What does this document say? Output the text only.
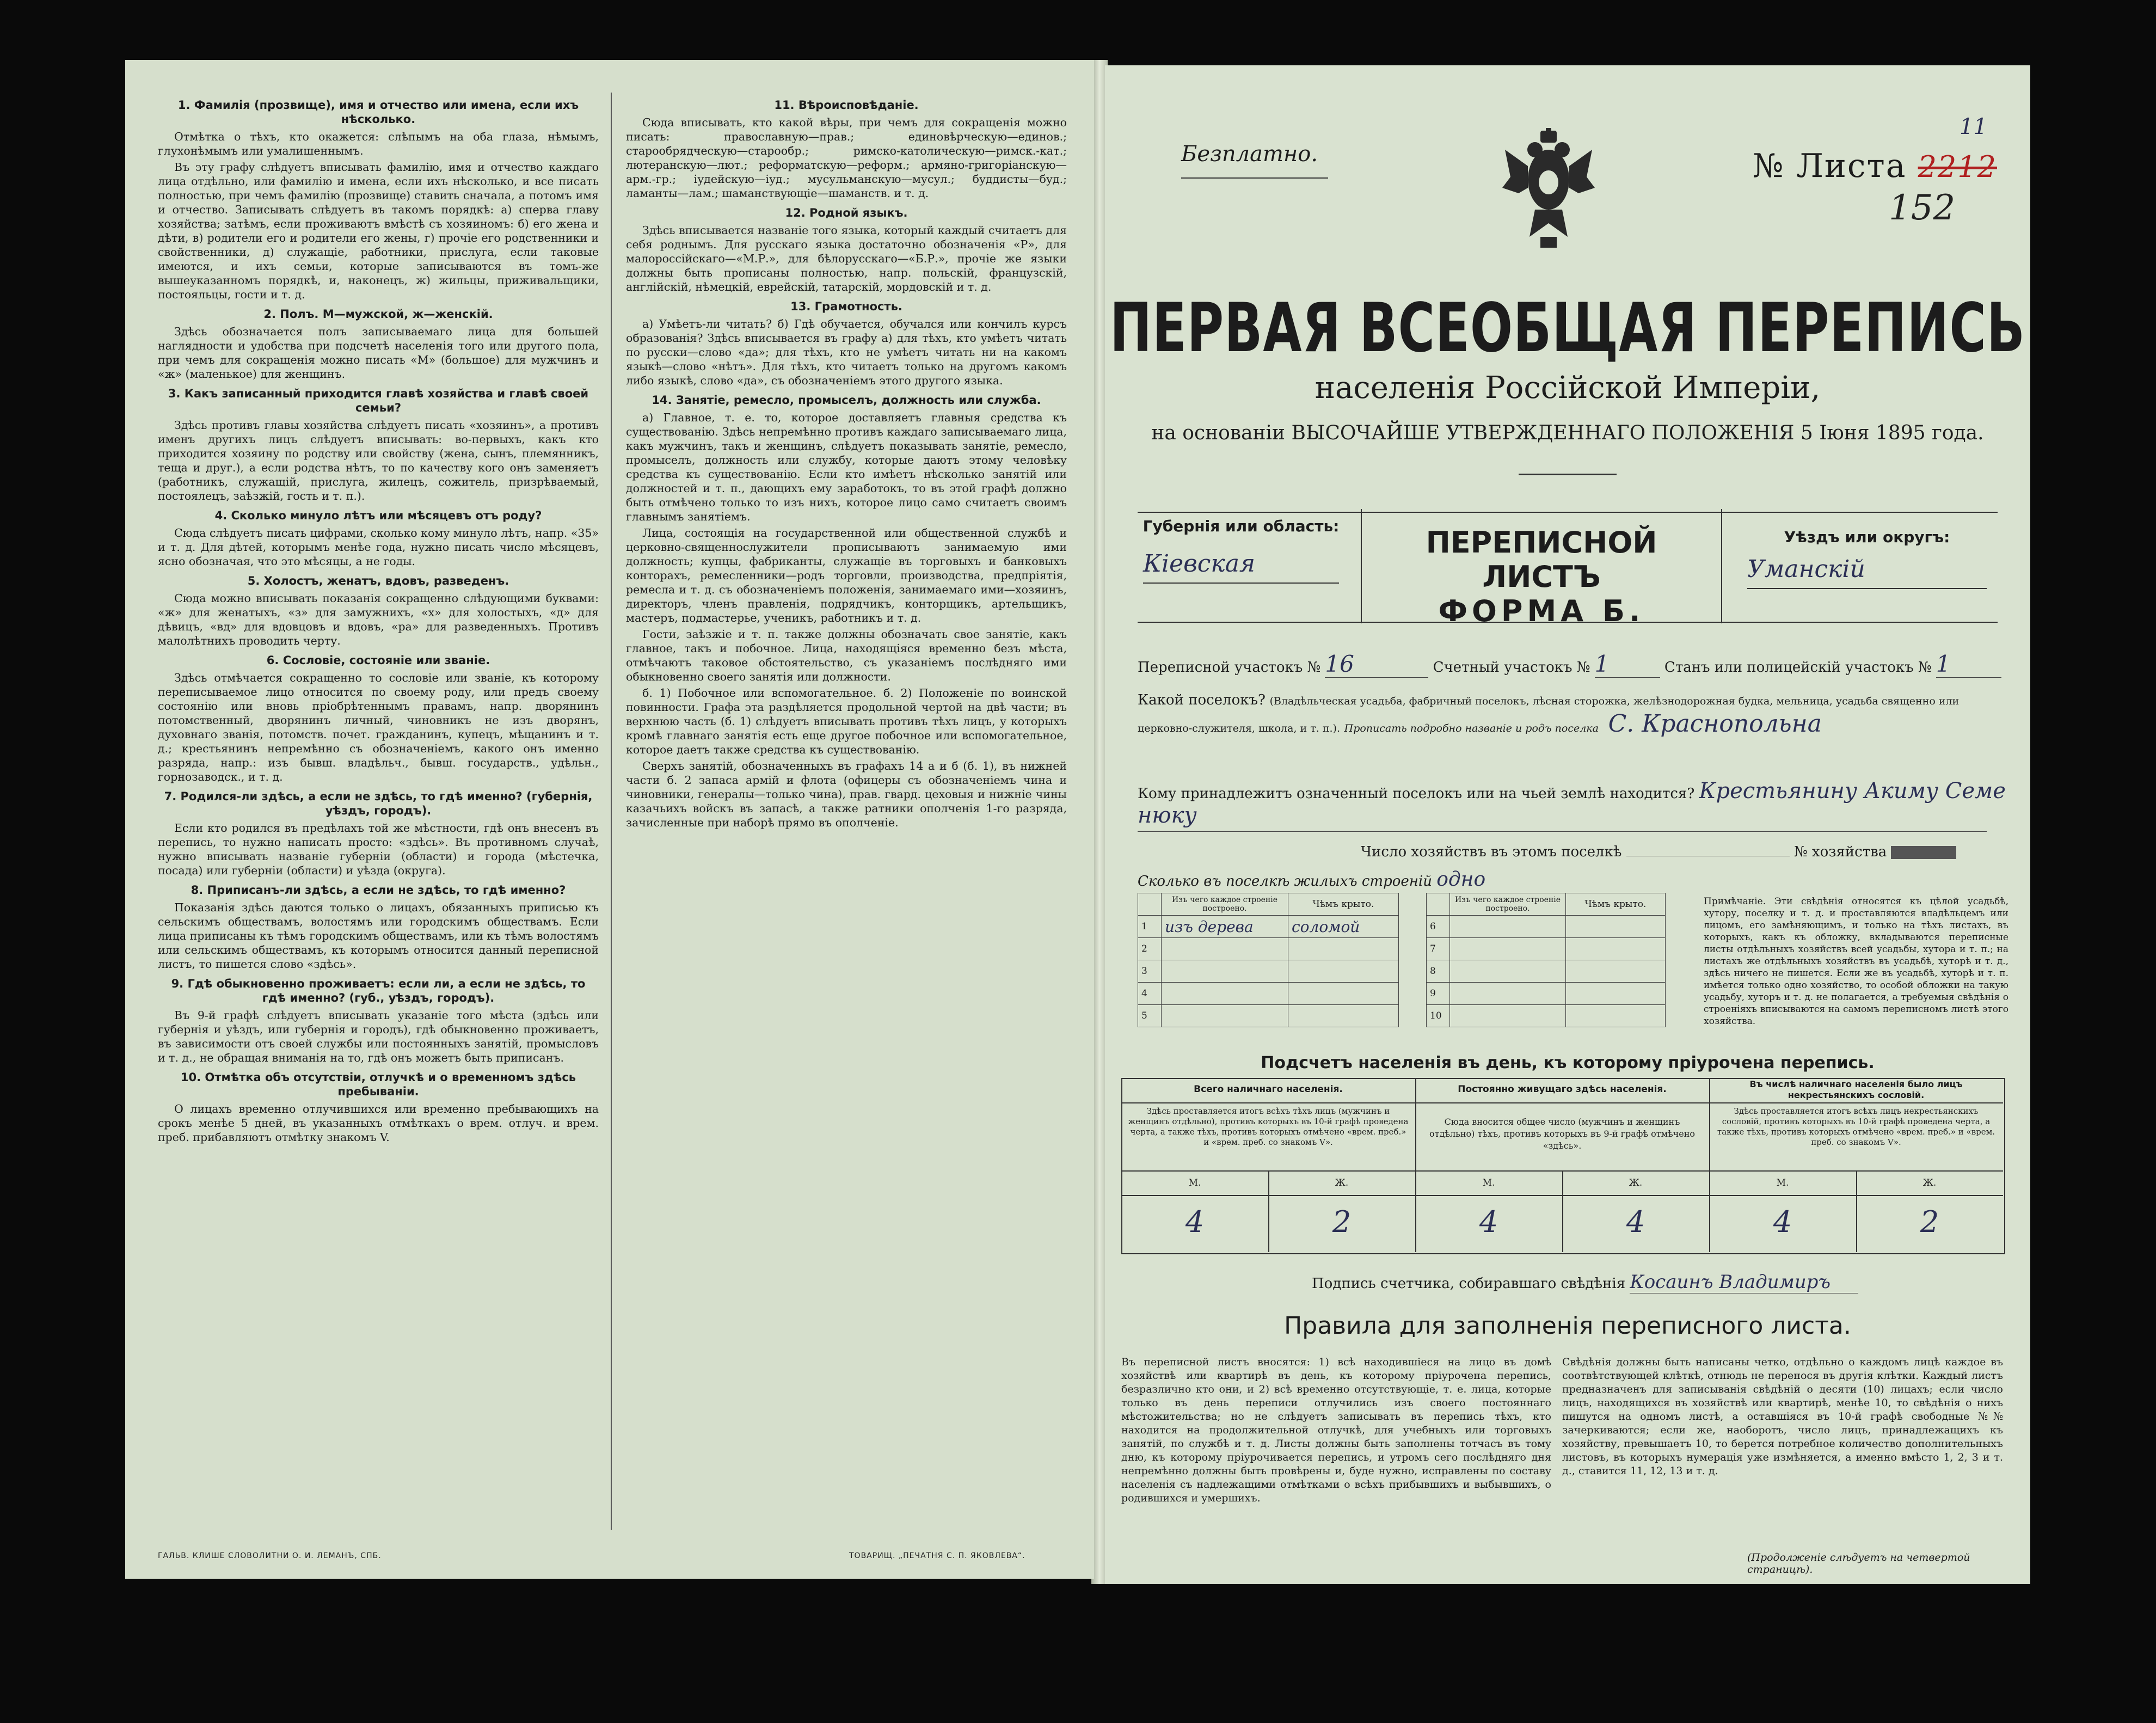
1. Фамилія (прозвище), имя и отчество или имена, если ихъ нѣсколько.

Отмѣтка о тѣхъ, кто окажется: слѣпымъ на оба глаза, нѣмымъ, глухонѣмымъ или умалишеннымъ.

Въ эту графу слѣдуетъ вписывать фамилію, имя и отчество каждаго лица отдѣльно, или фамилію и имена, если ихъ нѣсколько, и все писать полностью, при чемъ фамилію (прозвище) ставить сначала, а потомъ имя и отчество. Записывать слѣдуетъ въ такомъ порядкѣ: а) сперва главу хозяйства; затѣмъ, если проживаютъ вмѣстѣ съ хозяиномъ: б) его жена и дѣти, в) родители его и родители его жены, г) прочіе его родственники и свойственники, д) служащіе, работники, прислуга, если таковые имеются, и ихъ семьи, которые записываются въ томъ-же вышеуказанномъ порядкѣ, и, наконецъ, ж) жильцы, приживальщики, постояльцы, гости и т. д.

2. Полъ. М—мужской, ж—женскій.

Здѣсь обозначается полъ записываемаго лица для большей наглядности и удобства при подсчетѣ населенія того или другого пола, при чемъ для сокращенія можно писать «М» (большое) для мужчинъ и «ж» (маленькое) для женщинъ.

3. Какъ записанный приходится главѣ хозяйства и главѣ своей семьи?

Здѣсь противъ главы хозяйства слѣдуетъ писать «хозяинъ», а противъ именъ другихъ лицъ слѣдуетъ вписывать: во-первыхъ, какъ кто приходится хозяину по родству или свойству (жена, сынъ, племянникъ, теща и друг.), а если родства нѣтъ, то по качеству кого онъ заменяетъ (работникъ, служащій, прислуга, жилецъ, сожитель, призрѣваемый, постоялецъ, заѣзжій, гость и т. п.).

4. Сколько минуло лѣтъ или мѣсяцевъ отъ роду?

Сюда слѣдуетъ писать цифрами, сколько кому минуло лѣтъ, напр. «35» и т. д. Для дѣтей, которымъ менѣе года, нужно писать число мѣсяцевъ, ясно обозначая, что это мѣсяцы, а не годы.

5. Холостъ, женатъ, вдовъ, разведенъ.

Сюда можно вписывать показанія сокращенно слѣдующими буквами: «ж» для женатыхъ, «з» для замужнихъ, «х» для холостыхъ, «д» для дѣвицъ, «вд» для вдовцовъ и вдовъ, «ра» для разведенныхъ. Противъ малолѣтнихъ проводить черту.

6. Сословіе, состояніе или званіе.

Здѣсь отмѣчается сокращенно то сословіе или званіе, къ которому переписываемое лицо относится по своему роду, или предъ своему состоянію или вновь пріобрѣтеннымъ правамъ, напр. дворянинъ потомственный, дворянинъ личный, чиновникъ не изъ дворянъ, духовнаго званія, потомств. почет. гражданинъ, купецъ, мѣщанинъ и т. д.; крестьянинъ непремѣнно съ обозначеніемъ, какого онъ именно разряда, напр.: изъ бывш. владѣльч., бывш. государств., удѣльн., горнозаводск., и т. д.

7. Родился-ли здѣсь, а если не здѣсь, то гдѣ именно? (губернія, уѣздъ, городъ).

Если кто родился въ предѣлахъ той же мѣстности, гдѣ онъ внесенъ въ перепись, то нужно написать просто: «здѣсь». Въ противномъ случаѣ, нужно вписывать названіе губерніи (области) и города (мѣстечка, посада) или губерніи (области) и уѣзда (округа).

8. Приписанъ-ли здѣсь, а если не здѣсь, то гдѣ именно?

Показанія здѣсь даются только о лицахъ, обязанныхъ приписью къ сельскимъ обществамъ, волостямъ или городскимъ обществамъ. Если лица приписаны къ тѣмъ городскимъ обществамъ, или къ тѣмъ волостямъ или сельскимъ обществамъ, къ которымъ относится данный переписной листъ, то пишется слово «здѣсь».

9. Гдѣ обыкновенно проживаетъ: если ли, а если не здѣсь, то гдѣ именно? (губ., уѣздъ, городъ).

Въ 9-й графѣ слѣдуетъ вписывать указаніе того мѣста (здѣсь или губернія и уѣздъ, или губернія и городъ), гдѣ обыкновенно проживаетъ, въ зависимости отъ своей службы или постоянныхъ занятій, промысловъ и т. д., не обращая вниманія на то, гдѣ онъ можетъ быть приписанъ.

10. Отмѣтка объ отсутствіи, отлучкѣ и о временномъ здѣсь пребываніи.

О лицахъ временно отлучившихся или временно пребывающихъ на срокъ менѣе 5 дней, въ указанныхъ отмѣткахъ о врем. отлуч. и врем. преб. прибавляютъ отмѣтку знакомъ V.

11. Вѣроисповѣданіе.

Сюда вписывать, кто какой вѣры, при чемъ для сокращенія можно писать: православную—прав.; единовѣрческую—единов.; старообрядческую—старообр.; римско-католическую—римск.-кат.; лютеранскую—лют.; реформатскую—реформ.; армяно-григоріанскую—арм.-гр.; іудейскую—іуд.; мусульманскую—мусул.; буддисты—буд.; ламанты—лам.; шаманствующіе—шаманств. и т. д.

12. Родной языкъ.

Здѣсь вписывается названіе того языка, который каждый считаетъ для себя роднымъ. Для русскаго языка достаточно обозначенія «Р», для малороссійскаго—«М.Р.», для бѣлорусскаго—«Б.Р.», прочіе же языки должны быть прописаны полностью, напр. польскій, французскій, англійскій, нѣмецкій, еврейскій, татарскій, мордовскій и т. д.

13. Грамотность.

а) Умѣетъ-ли читать? б) Гдѣ обучается, обучался или кончилъ курсъ образованія? Здѣсь вписывается въ графу а) для тѣхъ, кто умѣетъ читать по русски—слово «да»; для тѣхъ, кто не умѣетъ читать ни на какомъ языкѣ—слово «нѣтъ». Для тѣхъ, кто читаетъ только на другомъ какомъ либо языкѣ, слово «да», съ обозначеніемъ этого другого языка.

14. Занятіе, ремесло, промыселъ, должность или служба.

а) Главное, т. е. то, которое доставляетъ главныя средства къ существованію. Здѣсь непремѣнно противъ каждаго записываемаго лица, какъ мужчинъ, такъ и женщинъ, слѣдуетъ показывать занятіе, ремесло, промыселъ, должность или службу, которые даютъ этому человѣку средства къ существованію. Если кто имѣетъ нѣсколько занятій или должностей и т. п., дающихъ ему заработокъ, то въ этой графѣ должно быть отмѣчено только то изъ нихъ, которое лицо само считаетъ своимъ главнымъ занятіемъ.

Лица, состоящія на государственной или общественной службѣ и церковно-священнослужители прописываютъ занимаемую ими должность; купцы, фабриканты, служащіе въ торговыхъ и банковыхъ конторахъ, ремесленники—родъ торговли, производства, предпріятія, ремесла и т. д. съ обозначеніемъ положенія, занимаемаго ими—хозяинъ, директоръ, членъ правленія, подрядчикъ, конторщикъ, артельщикъ, мастеръ, подмастерье, ученикъ, работникъ и т. д.

Гости, заѣзжіе и т. п. также должны обозначать свое занятіе, какъ главное, такъ и побочное. Лица, находящіяся временно безъ мѣста, отмѣчаютъ таковое обстоятельство, съ указаніемъ послѣдняго ими обыкновенно своего занятія или должности.

б. 1) Побочное или вспомогательное. б. 2) Положеніе по воинской повинности. Графа эта раздѣляется продольной чертой на двѣ части; въ верхнюю часть (б. 1) слѣдуетъ вписывать противъ тѣхъ лицъ, у которыхъ кромѣ главнаго занятія есть еще другое побочное или вспомогательное, которое даетъ также средства къ существованію.

Сверхъ занятій, обозначенныхъ въ графахъ 14 а и б (б. 1), въ нижней части б. 2 запаса армій и флота (офицеры съ обозначеніемъ чина и чиновники, генералы—только чина), прав. гвард. цеховыя и нижніе чины казачьихъ войскъ въ запасѣ, а также ратники ополченія 1-го разряда, зачисленные при наборѣ прямо въ ополченіе.

ГАЛЬВ. КЛИШЕ СЛОВОЛИТНИ О. И. ЛЕМАНЪ, СПБ.	ТОВАРИЩ. „ПЕЧАТНЯ С. П. ЯКОВЛЕВА“.
Безплатно.	№ Листа 2212
11
152
ПЕРВАЯ ВСЕОБЩАЯ ПЕРЕПИСЬ
населенія Россійской Имперіи,
на основаніи ВЫСОЧАЙШЕ УТВЕРЖДЕННАГО ПОЛОЖЕНІЯ 5 Іюня 1895 года.
Губернія или область:
Кіевская
ПЕРЕПИСНОЙ ЛИСТЪ
ФОРМА Б.
Уѣздъ или округъ:
Уманскій
Переписной участокъ № 16	Счетный участокъ № 1	Станъ или полицейскій участокъ № 1
Какой поселокъ? (Владѣльческая усадьба, фабричный поселокъ, лѣсная сторожка, желѣзнодорожная будка, мельница, усадьба священно или церковно-служителя, школа, и т. п.). Прописать подробно названіе и родъ поселка С. Краснопольна
Кому принадлежитъ означенный поселокъ или на чьей землѣ находится? Крестьянину Акиму Семе
нюку
Число хозяйствъ въ этомъ поселкѣ	№ хозяйства
Сколько въ поселкѣ жилыхъ строеній одно
	Изъ чего каждое строеніе построено.	Чѣмъ крыто.
1	изъ дерева	соломой
2		
3		
4		
5		
	Изъ чего каждое строеніе построено.	Чѣмъ крыто.
6		
7		
8		
9		
10		
Примѣчаніе. Эти свѣдѣнія относятся къ цѣлой усадьбѣ, хутору, поселку и т. д. и проставляются владѣльцемъ или лицомъ, его замѣняющимъ, и только на тѣхъ листахъ, въ которыхъ, какъ къ обложку, вкладываются переписные листы отдѣльныхъ хозяйствъ всей усадьбы, хутора и т. п.; на листахъ же отдѣльныхъ хозяйствъ въ усадьбѣ, хуторѣ и т. д., здѣсь ничего не пишется. Если же въ усадьбѣ, хуторѣ и т. п. имѣется только одно хозяйство, то особой обложки на такую усадьбу, хуторъ и т. д. не полагается, а требуемыя свѣдѣнія о строеніяхъ вписываются на самомъ переписномъ листѣ этого хозяйства.
Подсчетъ населенія въ день, къ которому пріурочена перепись.
Всего наличнаго населенія.	Постоянно живущаго здѣсь населенія.	Въ числѣ наличнаго населенія было лицъ некрестьянскихъ сословій.
Здѣсь проставляется итогъ всѣхъ тѣхъ лицъ (мужчинъ и женщинъ отдѣльно), противъ которыхъ въ 10-й графѣ проведена черта, а также тѣхъ, противъ которыхъ отмѣчено «врем. преб.» и «врем. преб. со знакомъ V».
Сюда вносится общее число (мужчинъ и женщинъ отдѣльно) тѣхъ, противъ которыхъ въ 9-й графѣ отмѣчено «здѣсь».
Здѣсь проставляется итогъ всѣхъ лицъ некрестьянскихъ сословій, противъ которыхъ въ 10-й графѣ проведена черта, а также тѣхъ, противъ которыхъ отмѣчено «врем. преб.» и «врем. преб. со знакомъ V».
М.	Ж.	М.	Ж.	М.	Ж.
4	2	4	4	4	2
Подпись счетчика, собиравшаго свѣдѣнія Косаинъ Владимиръ
Правила для заполненія переписного листа.
Въ переписной листъ вносятся: 1) всѣ находившіеся на лицо въ домѣ хозяйствѣ или квартирѣ въ день, къ которому пріурочена перепись, безразлично кто они, и 2) всѣ временно отсутствующіе, т. е. лица, которые только въ день переписи отлучились изъ своего постояннаго мѣстожительства; но не слѣдуетъ записывать въ перепись тѣхъ, кто находится на продолжительной отлучкѣ, для учебныхъ или торговыхъ занятій, по службѣ и т. д. Листы должны быть заполнены тотчасъ въ тому дню, къ которому пріурочивается перепись, и утромъ сего послѣдняго дня непремѣнно должны быть провѣрены и, буде нужно, исправлены по составу населенія съ надлежащими отмѣтками о всѣхъ прибывшихъ и выбывшихъ, о родившихся и умершихъ.
Свѣдѣнія должны быть написаны четко, отдѣльно о каждомъ лицѣ каждое въ соотвѣтствующей клѣткѣ, отнюдь не перенося въ другія клѣтки. Каждый листъ предназначенъ для записыванія свѣдѣній о десяти (10) лицахъ; если число лицъ, находящихся въ хозяйствѣ или квартирѣ, менѣе 10, то свѣдѣнія о нихъ пишутся на одномъ листѣ, а оставшіяся въ 10-й графѣ свободные №№ зачеркиваются; если же, наоборотъ, число лицъ, принадлежащихъ къ хозяйству, превышаетъ 10, то берется потребное количество дополнительныхъ листовъ, въ которыхъ нумерація уже измѣняется, а именно вмѣсто 1, 2, 3 и т. д., ставится 11, 12, 13 и т. д.
(Продолженіе слѣдуетъ на четвертой страницѣ).
